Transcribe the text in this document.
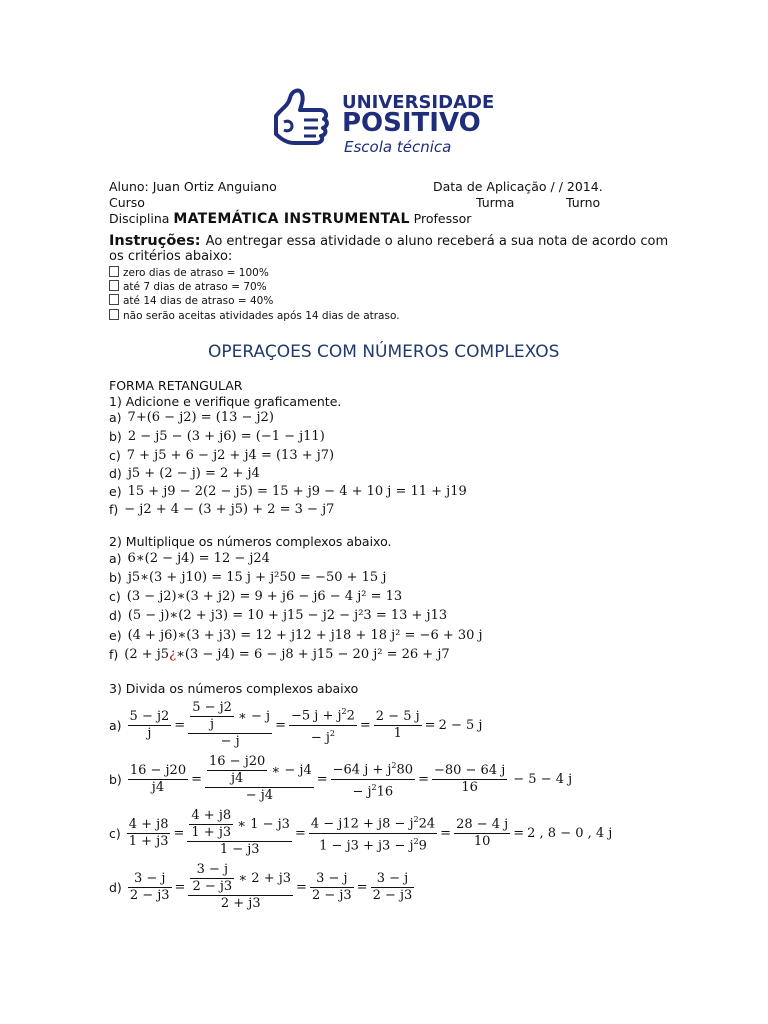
UNIVERSIDADE
POSITIVO
Escola técnica
Aluno: Juan Ortiz Anguiano	Data de Aplicação / / 2014.
Curso	Turma	Turno
Disciplina MATEMÁTICA INSTRUMENTAL Professor
Instruções: Ao entregar essa atividade o aluno receberá a sua nota de acordo com
os critérios abaixo:
zero dias de atraso = 100%
até 7 dias de atraso = 70%
até 14 dias de atraso = 40%
não serão aceitas atividades após 14 dias de atraso.
OPERAÇOES COM NÚMEROS COMPLEXOS
FORMA RETANGULAR
1) Adicione e verifique graficamente.
a) 7+(6 − j2) = (13 − j2)
b) 2 − j5 − (3 + j6) = (−1 − j11)
c) 7 + j5 + 6 − j2 + j4 = (13 + j7)
d) j5 + (2 − j) = 2 + j4
e) 15 + j9 − 2(2 − j5) = 15 + j9 − 4 + 10 j = 11 + j19
f) − j2 + 4 − (3 + j5) + 2 = 3 − j7
2) Multiplique os números complexos abaixo.
a) 6∗(2 − j4) = 12 − j24
b) j5∗(3 + j10) = 15 j + j²50 = −50 + 15 j
c) (3 − j2)∗(3 + j2) = 9 + j6 − j6 − 4 j² = 13
d) (5 − j)∗(2 + j3) = 10 + j15 − j2 − j²3 = 13 + j13
e) (4 + j6)∗(3 + j3) = 12 + j12 + j18 + 18 j² = −6 + 30 j
f) (2 + j5 ¿ ∗(3 − j4) = 6 − j8 + j15 − 20 j² = 26 + j7
3) Divida os números complexos abaixo
$a) \frac{5 - j2}{j} = \frac{\frac{5 - j2}{j} ∗ - j}{- j} = \frac{-5 j + j^22}{- j^2} = \frac{2 - 5 j}{1} = 2 - 5$ j
$b) \frac{16 - j20}{j4} = \frac{\frac{16 - j20}{j4} ∗ - j4}{- j4} = \frac{-64 j + j^280}{- j^216} = \frac{-80 - 64 j}{16} - 5 - 4$ j
$c) \frac{4 + j8}{1 + j3} = \frac{\frac{4 + j8}{1 + j3} ∗ 1 - j3}{1 - j3} = \frac{4 - j12 + j8 - j^224}{1 - j3 + j3 - j^29} = \frac{28 - 4 j}{10} = 2$ , 8 − 0 , 4 j
$d) \frac{3 - j}{2 - j3} = \frac{\frac{3 - j}{2 - j3} ∗ 2 + j3}{2 + j3} = \frac{3 - j}{2 - j3} = \frac{3 - j}{2 - j3}$
